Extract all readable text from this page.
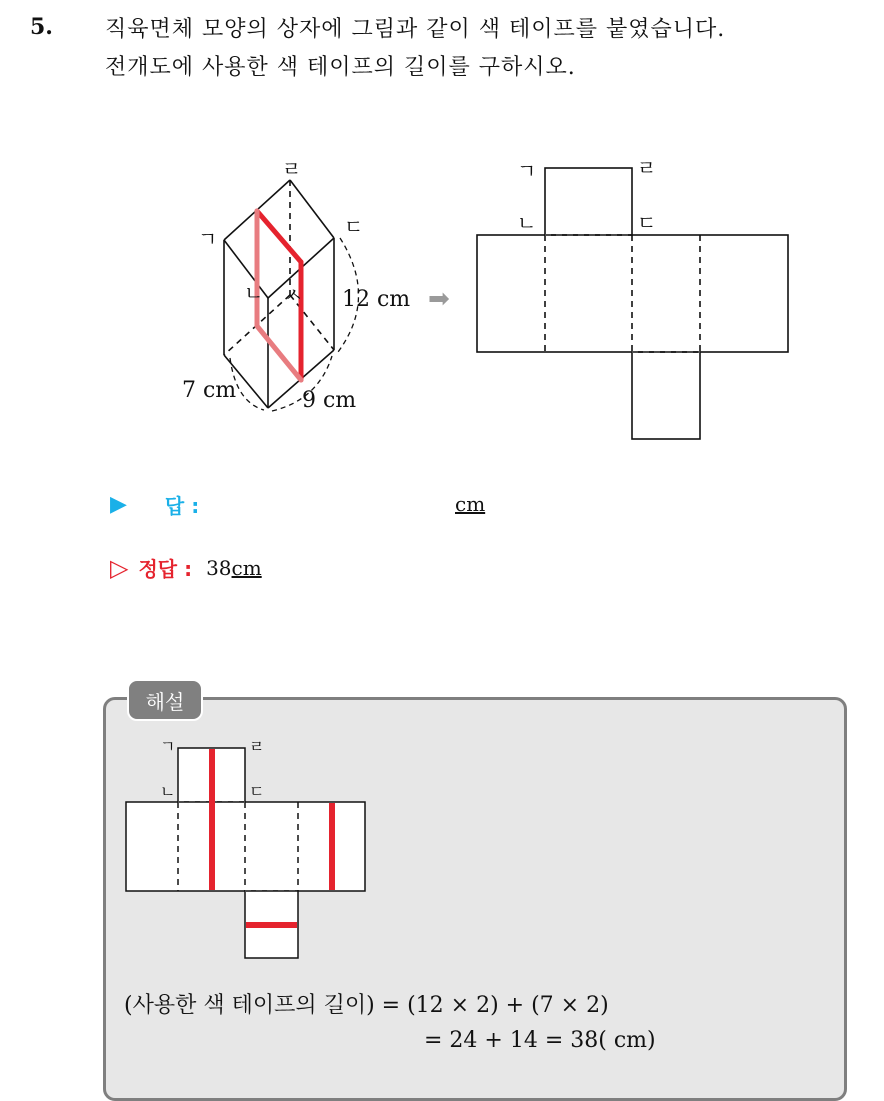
5. 직육면체 모양의 상자에 그림과 같이 색 테이프를 붙였습니다.
전개도에 사용한 색 테이프의 길이를 구하시오.
ㄹ
ㄱ	ㄷ
ㄴ ㅅ 12 cm
7 cm	9 cm
➡
ㄱ	ㄹ
ㄴ	ㄷ
▶ 답 :	cm
▷ 정답 : 38 cm
해설
ㄱ	ㄹ
ㄴ	ㄷ
(사용한 색 테이프의 길이) = (12 × 2) + (7 × 2)
= 24 + 14 = 38( cm)
